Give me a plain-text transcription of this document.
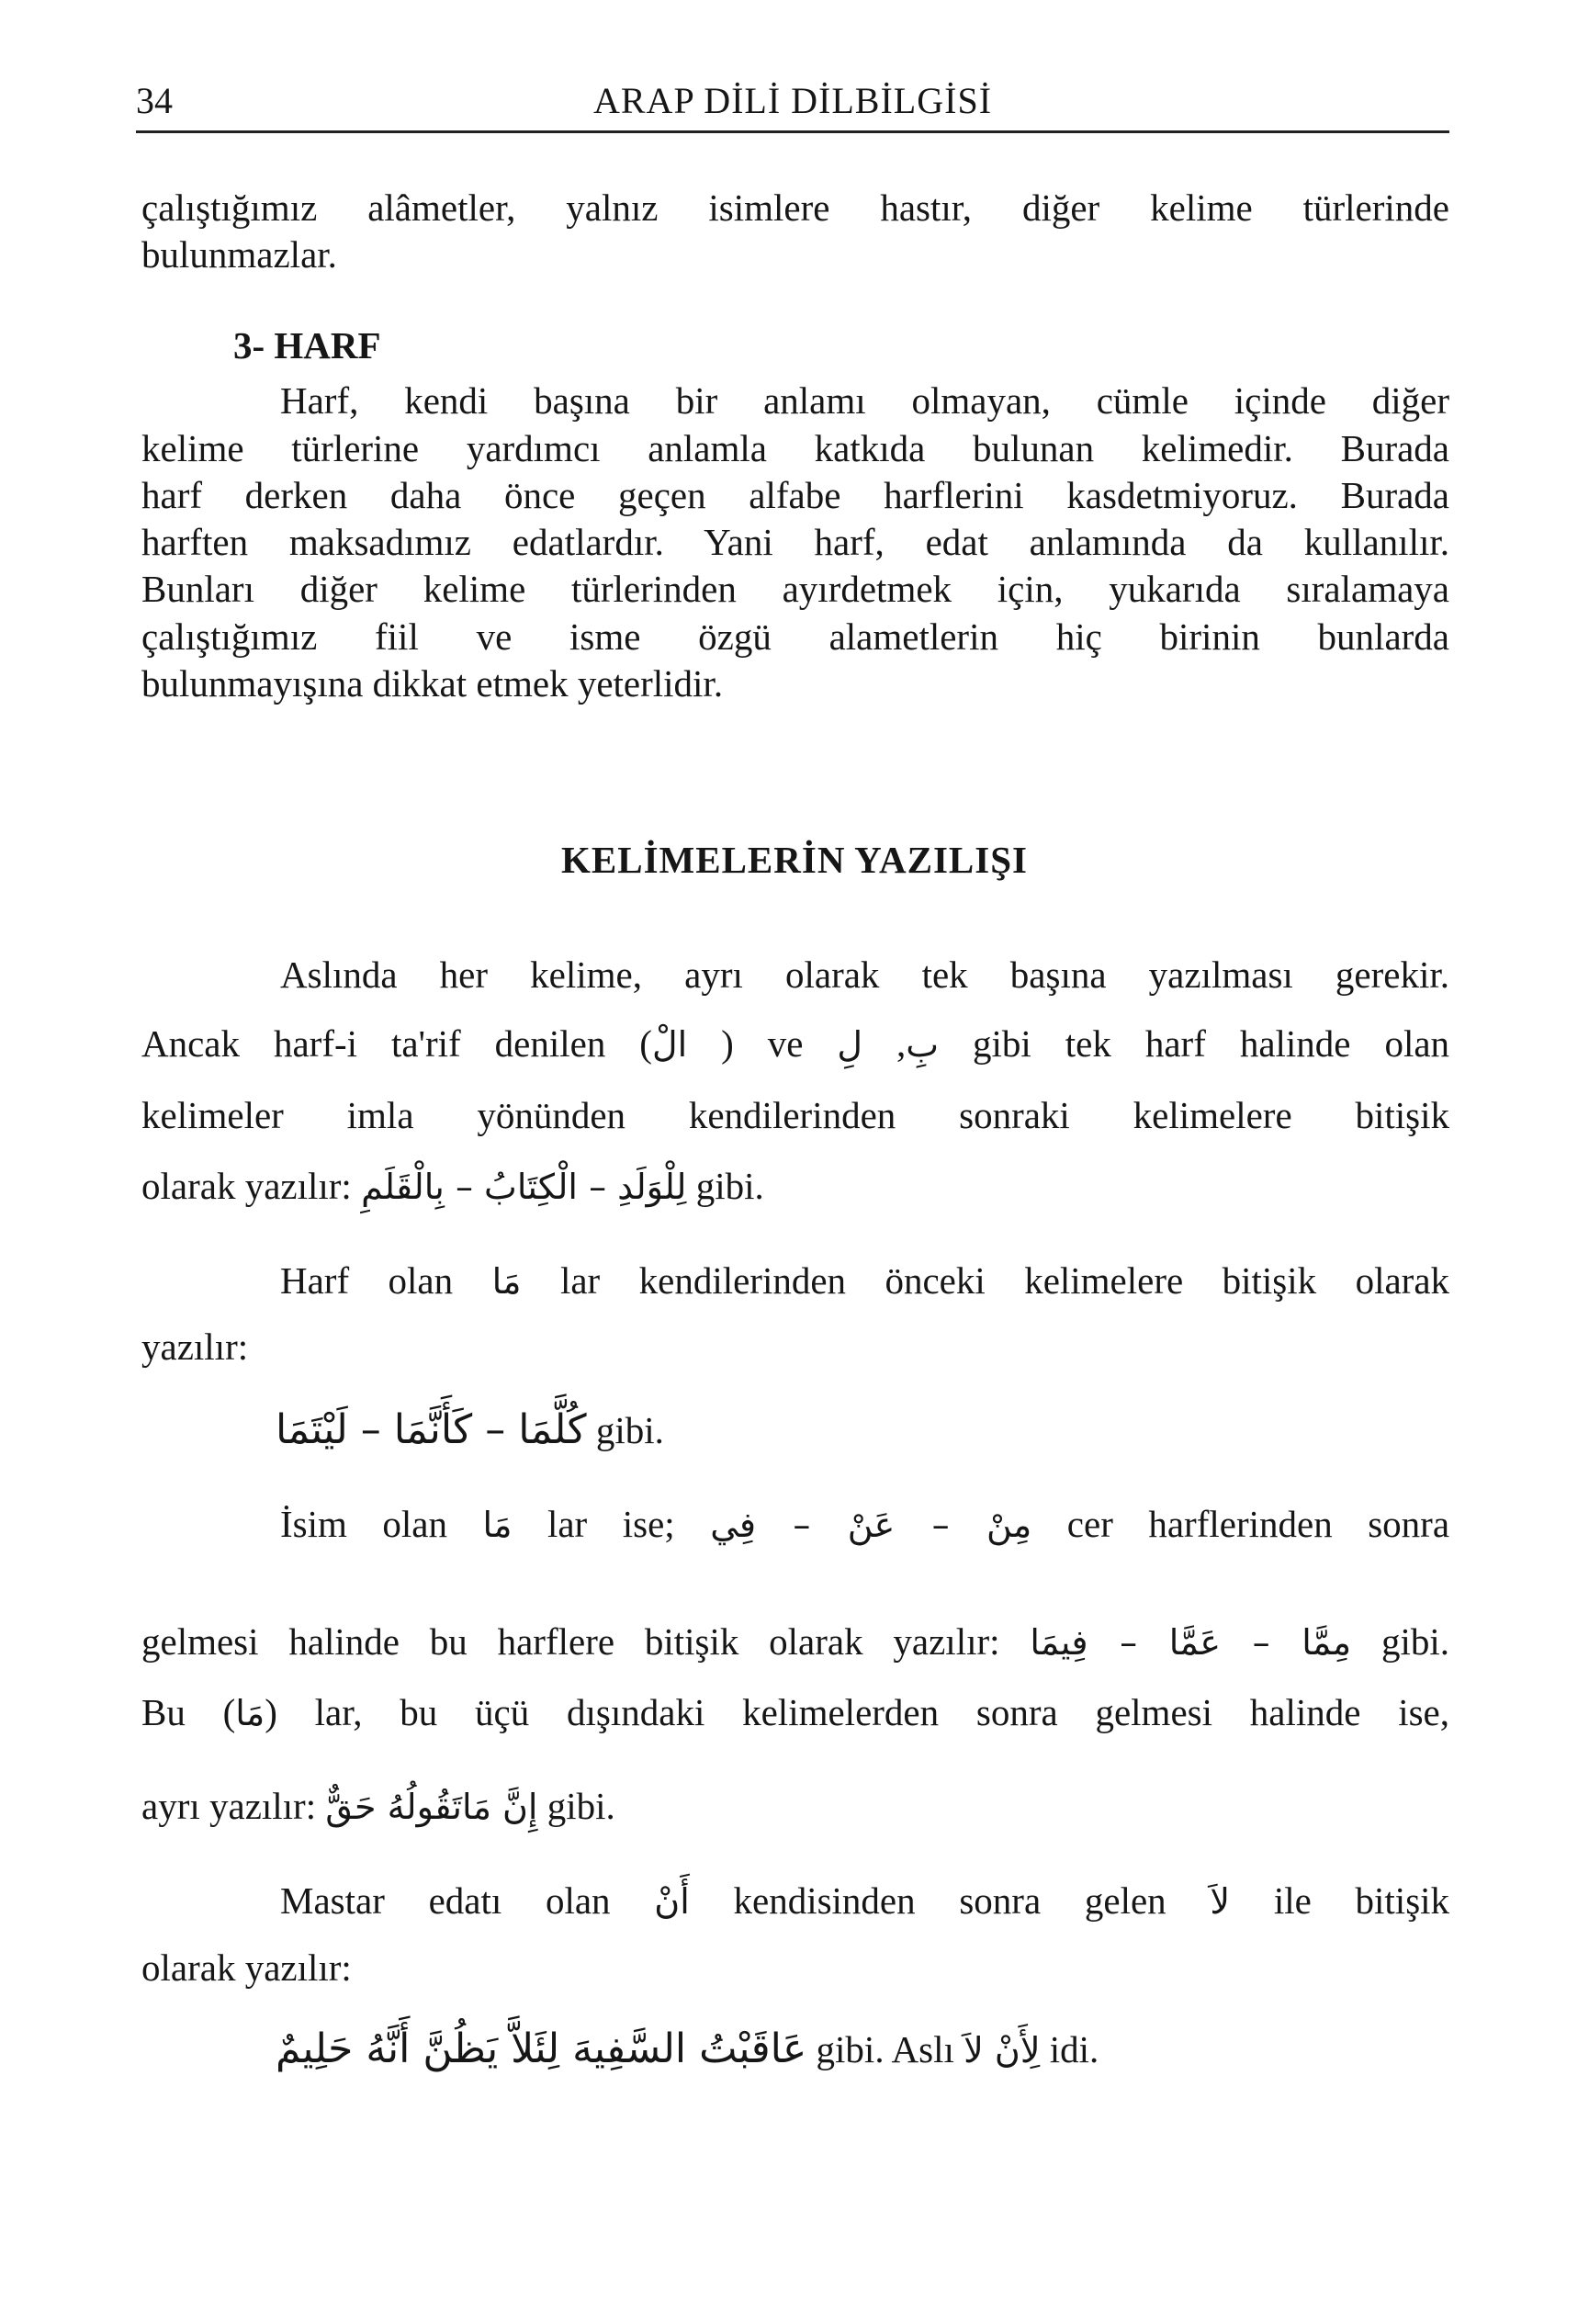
34	ARAP DİLİ DİLBİLGİSİ
çalıştığımız alâmetler, yalnız isimlere hastır, diğer kelime türlerinde
bulunmazlar.
3- HARF
Harf, kendi başına bir anlamı olmayan, cümle içinde diğer
kelime türlerine yardımcı anlamla katkıda bulunan kelimedir. Burada
harf derken daha önce geçen alfabe harflerini kasdetmiyoruz. Burada
harften maksadımız edatlardır. Yani harf, edat anlamında da kullanılır.
Bunları diğer kelime türlerinden ayırdetmek için, yukarıda sıralamaya
çalıştığımız fiil ve isme özgü alametlerin hiç birinin bunlarda
bulunmayışına dikkat etmek yeterlidir.
KELİMELERİN YAZILIŞI
Aslında her kelime, ayrı olarak tek başına yazılması gerekir.
Ancak harf-i ta'rif denilen (الْ ) ve	بِ, لِ	gibi tek harf halinde olan
kelimeler imla yönünden kendilerinden sonraki kelimelere bitişik
olarak yazılır: لِلْوَلَدِ – الْكِتَابُ – بِالْقَلَمِ gibi.
Harf olan مَا lar kendilerinden önceki kelimelere bitişik olarak
yazılır:
كُلَّمَا – كَأَنَّمَا – لَيْتَمَا gibi.
İsim olan مَا lar ise; مِنْ – عَنْ – فِي cer harflerinden sonra
gelmesi halinde bu harflere bitişik olarak yazılır: مِمَّا – عَمَّا – فِيمَا gibi.
Bu (مَا) lar, bu üçü dışındaki kelimelerden sonra gelmesi halinde ise,
ayrı yazılır: إِنَّ مَاتَقُولُهُ حَقٌّ gibi.
Mastar edatı olan أَنْ kendisinden sonra gelen لاَ ile bitişik
olarak yazılır:
عَاقَبْتُ السَّفِيهَ لِئَلاَّ يَظُنَّ أَنَّهُ حَلِيمٌ gibi. Aslı لِأَنْ لاَ idi.
